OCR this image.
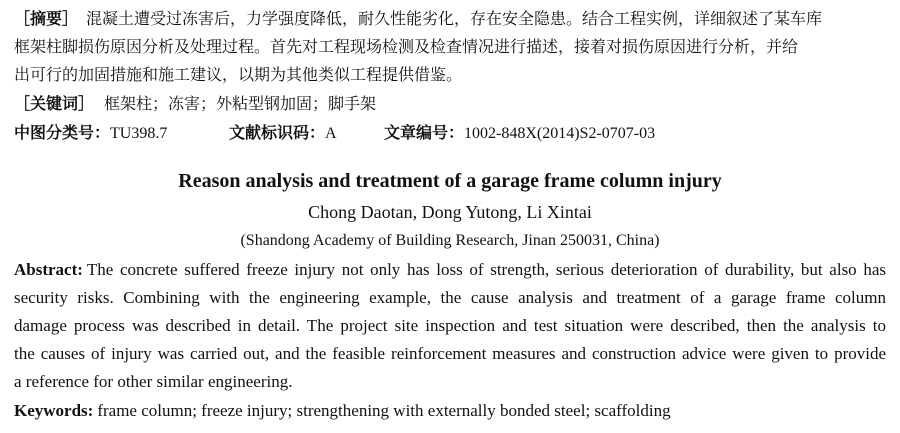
［摘要］ 混凝土遭受过冻害后，力学强度降低，耐久性能劣化，存在安全隐患。结合工程实例，详细叙述了某车库
框架柱脚损伤原因分析及处理过程。首先对工程现场检测及检查情况进行描述，接着对损伤原因进行分析，并给
出可行的加固措施和施工建议，以期为其他类似工程提供借鉴。
［关键词］ 框架柱；冻害；外粘型钢加固；脚手架
中图分类号：TU398.7	文献标识码：A	文章编号：1002-848X(2014)S2-0707-03
Reason analysis and treatment of a garage frame column injury
Chong Daotan, Dong Yutong, Li Xintai
(Shandong Academy of Building Research, Jinan 250031, China)
Abstract: The concrete suffered freeze injury not only has loss of strength, serious deterioration of durability, but also has
security risks. Combining with the engineering example, the cause analysis and treatment of a garage frame column
damage process was described in detail. The project site inspection and test situation were described, then the analysis to
the causes of injury was carried out, and the feasible reinforcement measures and construction advice were given to provide
a reference for other similar engineering.
Keywords: frame column; freeze injury; strengthening with externally bonded steel; scaffolding
